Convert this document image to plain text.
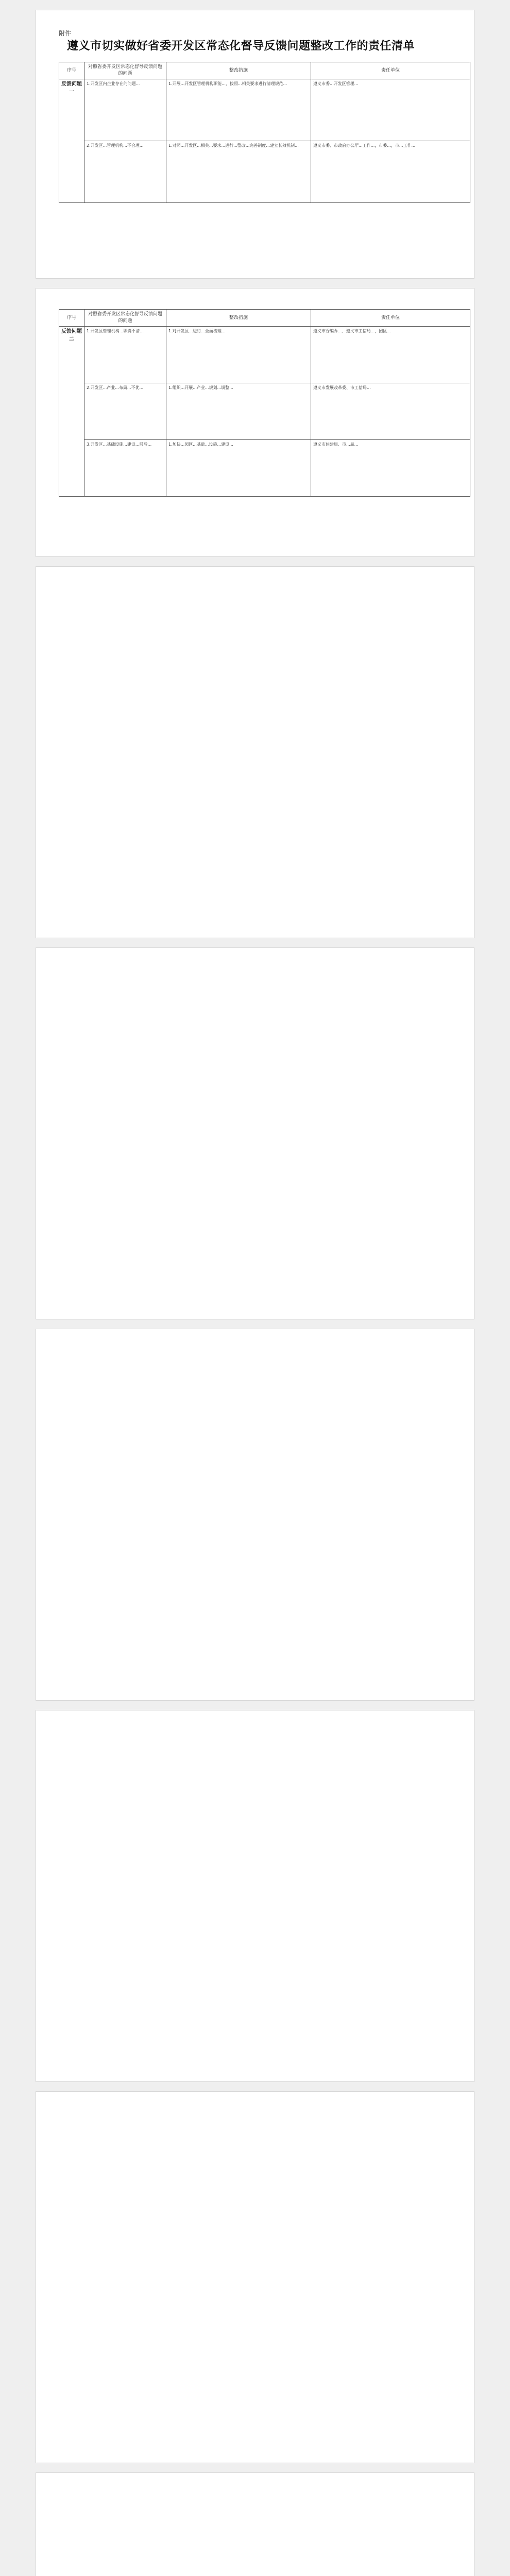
附件
遵义市切实做好省委开发区常态化督导反馈问题整改工作的责任清单
序号	对照省委开发区常态化督导反馈问题的问题	整改措施	责任单位
反馈问题一	1.开发区内企业存在的问题...	1.开展...开发区管理机构职能...，按照...相关要求进行清理规范...	遵义市委...开发区管理...
	2.开发区...管理机构...不合理...	1.对照...开发区...相关...要求...进行...整改...完善制度...建立长效机制...	遵义市委、市政府办公厅...工作...，市委...，市...工作...
序号	对照省委开发区常态化督导反馈问题的问题	整改措施	责任单位
反馈问题二	1.开发区管理机构...职责不清...	1.对开发区...进行...全面梳理...	遵义市委编办...、遵义市工信局...，园区...
	2.开发区...产业...布局...不优...	1.组织...开展...产业...规划...调整...	遵义市发展改革委、市工信局...
	3.开发区...基础设施...建设...滞后...	1.加快...园区...基础...设施...建设...	遵义市住建局、市...局...
